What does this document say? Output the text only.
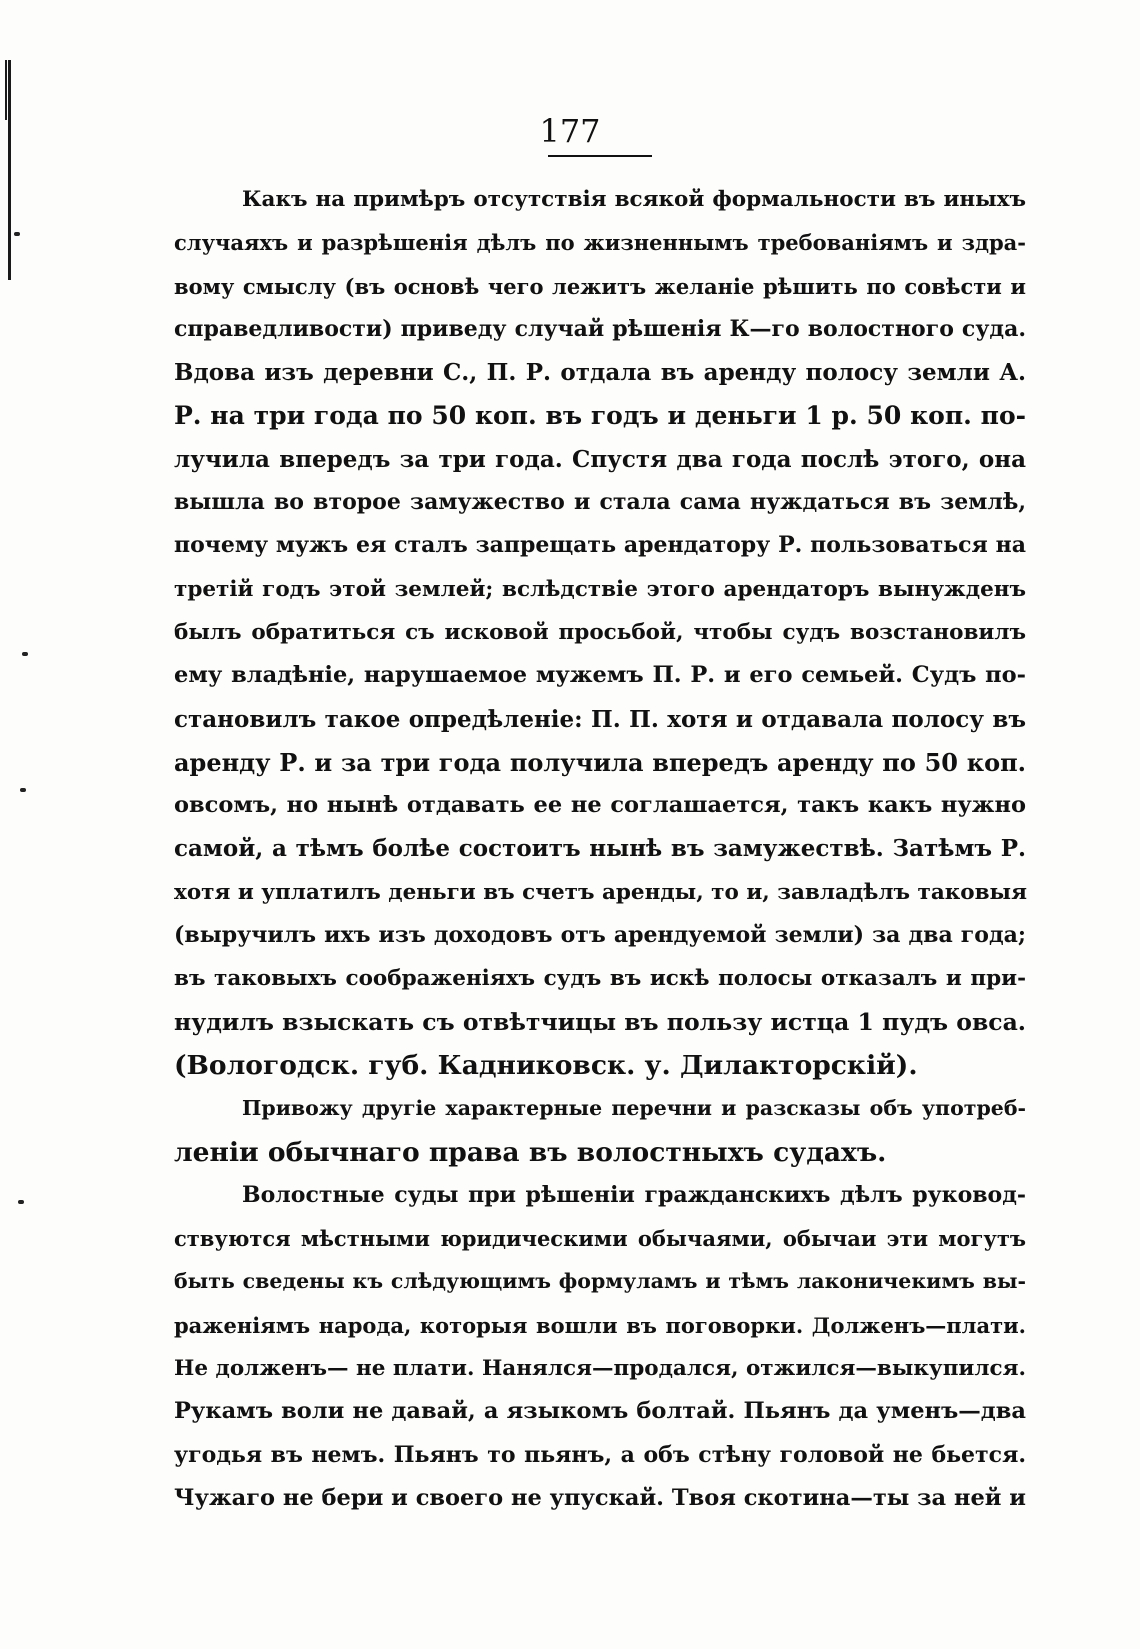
177
Какъ на примѣръ отсутствія всякой формальности въ иныхъ
случаяхъ и разрѣшенія дѣлъ по жизненнымъ требованіямъ и здра-
вому смыслу (въ основѣ чего лежитъ желаніе рѣшить по совѣсти и
справедливости) приведу случай рѣшенія К—го волостного суда.
Вдова изъ деревни С., П. Р. отдала въ аренду полосу земли А.
Р. на три года по 50 коп. въ годъ и деньги 1 р. 50 коп. по-
лучила впередъ за три года. Спустя два года послѣ этого, она
вышла во второе замужество и стала сама нуждаться въ землѣ,
почему мужъ ея сталъ запрещать арендатору Р. пользоваться на
третій годъ этой землей; вслѣдствіе этого арендаторъ вынужденъ
былъ обратиться съ исковой просьбой, чтобы судъ возстановилъ
ему владѣніе, нарушаемое мужемъ П. Р. и его семьей. Судъ по-
становилъ такое опредѣленіе: П. П. хотя и отдавала полосу въ
аренду Р. и за три года получила впередъ аренду по 50 коп.
овсомъ, но нынѣ отдавать ее не соглашается, такъ какъ нужно
самой, а тѣмъ болѣе состоитъ нынѣ въ замужествѣ. Затѣмъ Р.
хотя и уплатилъ деньги въ счетъ аренды, то и, завладѣлъ таковыя
(выручилъ ихъ изъ доходовъ отъ арендуемой земли) за два года;
въ таковыхъ соображеніяхъ судъ въ искѣ полосы отказалъ и при-
нудилъ взыскать съ отвѣтчицы въ пользу истца 1 пудъ овса.
(Вологодск. губ. Кадниковск. у. Дилакторскій).
Привожу другіе характерные перечни и разсказы объ употреб-
леніи обычнаго права въ волостныхъ судахъ.
Волостные суды при рѣшеніи гражданскихъ дѣлъ руковод-
ствуются мѣстными юридическими обычаями, обычаи эти могутъ
быть сведены къ слѣдующимъ формуламъ и тѣмъ лаконичекимъ вы-
раженіямъ народа, которыя вошли въ поговорки. Долженъ—плати.
Не долженъ— не плати. Нанялся—продался, отжился—выкупился.
Рукамъ воли не давай, а языкомъ болтай. Пьянъ да уменъ—два
угодья въ немъ. Пьянъ то пьянъ, а объ стѣну головой не бьется.
Чужаго не бери и своего не упускай. Твоя скотина—ты за ней и
